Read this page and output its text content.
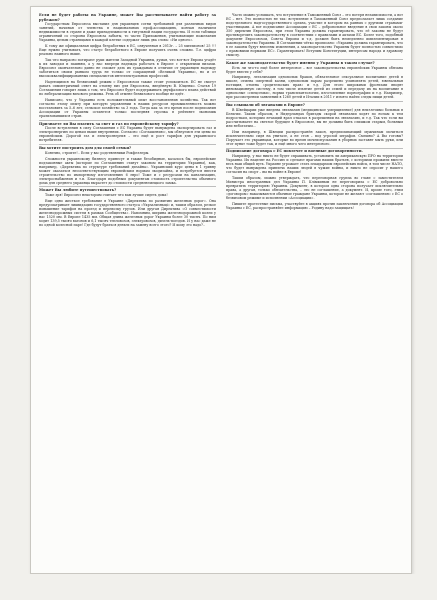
Если не будет работы на Украине, может Вы рассчитываете найти работу за рубежом?

Государствам Евросоюза выставил для украинцев сотни требований для различных видов занятий, начиная от членства в национальных проф.ассоциациях, кончая наличием недвижимости в стране и даже принадлежности к титульной нации государства. И если таблицы ограничений со стороны Евросоюза забыты, то части Приложения, учитывающие пожелания Украины, целым страницами в каждой клетке содержат лишь два слова: «Ни одного».

К тому же официальная цифра безработных в ЕС, озвученная в 2013г. – 25 миллионов! 25 !!! Еще нужно учитывать, что статус безработного в Европе получить очень сложно. Т.е. цифры реально намного выше.

Так что напрасно потирают руки жители Западной Украины, думая, что вот-вот Европа угадёт к их заводам и пашням, а у нас впереди надежда работать в Европе с открытыми визами. Евросоюз окончательно давно не сможет дать их гражданам в отличие от украинцев надежду заботиться своим рынком труда не только от сокращений «Великой Украины», но и от высококвалифицированных специалистов интеллектуальных профессий.

Надеющимся на безвизовый режим с Евросоюзом также стоит успокоиться. ЕС не смогут давать симметричный ответ на отмену виз для Евросоюза, введённую В. Ющенко. Статья 19 Соглашения говорит лишь о том, что Евросоюз будет поддерживать двухфазового плана действий по либерализации визового режима. Речь об отмене безвизового вообще не идёт.

Написано, что у Украины есть положительный опыт восстановления хозяйства. Так вот согласно этому опыту при которую управлении в наших ресурсов промышленность можно восстановить за 5–6 лет, сельское хозяйство за 3 года. Тогда как за это время после подписания Ассоциации от Украины останется только последняя строчка в рейтинге экономик ерализовавшихся стран.

Признаете ли Вы платить за свет и газ по европейскому тарифу?

После вступления в силу Соглашения с ЕС Украина будет вынуждена экспортировать газ и электроэнергию по ценам выше внутренних. Согласно «Соглашению», мы обязуемся эти цены по европейским. Дорогой газ и электроэнергия – это ещё и рост тарифов для украинского потребителя.

Вы хотите построить дом для своей семьи?

Конечно, строите!.. Если у вас родственники Рокфеллеры.

Сложности украинскому бизнесу принесут и также безобидные, казалось бы, европейские подзаконные акты (которые по Соглашению станут законом на территории Украины), как, например, «Директива по структуре требований дизайна». Украинский курс цены в 1 гривну может оказаться несоответствующим европейским нормам экодизайна, и потребуется ввести строительство по импортному изготовлению 6 евро! Тоже и с ресурсами на канализацию, электроснабжения и т.п. Благодаря подобным документам стоимость строительства обычного дома для среднего украинца вырастет до стоимости средненемецкого замка.

Может Вы любите путешествовать?

Тоже зря! Евросоюз некоторым считает что вам лучше сидеть дома!

Еще одно жесткое требование в Украине «Директива по развитию железных дорог». Она предусматривает ликвидацию государственного статуса «Укрзализныці» и, таким образом, резкое повышение тарифов на проезд и перевозку грузов. Или другая Директива «О совместимости железнодорожных систем в рамках Сообщества». Напомним, ширина железнодорожной колеи у нас 1520 мм. В Европе 1435 мм. Общая длина железных дорог Украины более 30 тысяч. По ним ходит 139,5 тысяч вагонов и 6,1 тысяч тепловозов, электровозов, дизель-поездов. И у нас даже не по одной колесной паре! Где будут браться деньги на замену всего этого? И кому это надо?..

Часто можно услышать, что вступление в Таможенный Союз – это потеря независимости, а вот ЕС – нет. Это полностью не так: вступление в Таможенный Союз предполагает лишь создание подотдельного надгосударственного органа, участие в котором на равных с другими странами-участницами. А вот подписание Ассоциации с ЕС – добровольное введение в свои законы около 350 директив Евросоюза, при этом Украина должна гарантировать, что её законы не будут противоречить законодательству в соответствии с правилами и актами ЕС. Более того, подобный документ Евросоюзом, Совета Европы и т.д. должен быть немедленно имплементирован в законодательство Украины. В Соглашении чётко прописано: «Украина должна гарантировать, что в ее законы будут внесены изменения, а законодательство Украины будет полностью совместимо с правовыми нормами ЕС». Гарантировать! Вступим Конституции, интересам народа и здравому смыслу.

Какое же законодательство будет именно у Украины в таком случае?

Есть ли что-то ещё более интересное – все законодательства европейских Украины обязана будет ввести у себя?

Например, легализация однополых браков, обязательное сексуальное воспитание детей в школе, отмена смертной казни, однополым парам разрешено усыновлять детей, ювенальная юстиция, отмена «родительских прав» и т.д. Для этого широкими фронтами вводят инновационную систему, в том числе изъятие детей из семей и передачу их на воспитание в однополые «спецсемьи», нормы трансплантологии, изготовление порнографии и т.д. Например, при рассмотрении заявлений в 1260 детей в Италии в 2011 г изъято найти следы пищи детей.

Вы слышали об эвтаназии в Европе?

В Швейцарии уже введена эвтаназия (медицинское умерщвление) для неизлечимо больных в Бельгии. Таким образом, в Нидерландах бригады скорой эвтаназии ходят по ночам к тем подросткам, которым лечащий врач отказал в разрешении на эвтаназию, и т.д. Так что если вы рассчитываете на светлое будущее в Евросоюзе, вы не должны быть слишком старым, больным или небогатым...

Или например, в Швеции распространён закон, предписывающий мужчинам мочиться исключительно сидя на унитазе, а не стоя – под угрозой штрафов. Смешно? А Вы готовы? Поручает это украинцам, которые во время мочеиспускания в уборных заставят мыть руки, или этот пункт тоже будет так, и ещё много чего интересного.

Подписание договора с ЕС повлечет и военные договоренности.

Например, у нас никто не будет спрашивать, установить ли американскую ПРО на территории Украины. Их нацелят на Россию и сделают врагами наших братьев, с которыми прожили вместе весь наш общий путь. Украине угрожает стать плацдармом европейских войск, в том числе НАТО, что будет вынуждена привлечь наших людей в чужие войны, и никто не спросит у нашего согласия на спорт – вы на войне в Европе!

Таким образом, можно утверждать, что переговорная группа во главе с заместителем Министра иностранных дел Украины П. Клімкиным не переговорила с ЕС добровольно превратить территорию Украины. Документ, в котором одна сторона получает исключительно права, а другая, только обязательства, – это не соглашение, а документ. И, кроме того, этим «договором» наказываются обычные граждане Украины, которые не желают «соглашения» с ЕС о безвизовом режиме и исполнении «Ассоциации».

Пишите протестные письма, участвуйте в акциях против заключения договора об Ассоциации Украины с ЕС, распространяйте информацию – Родину надо защищать!
